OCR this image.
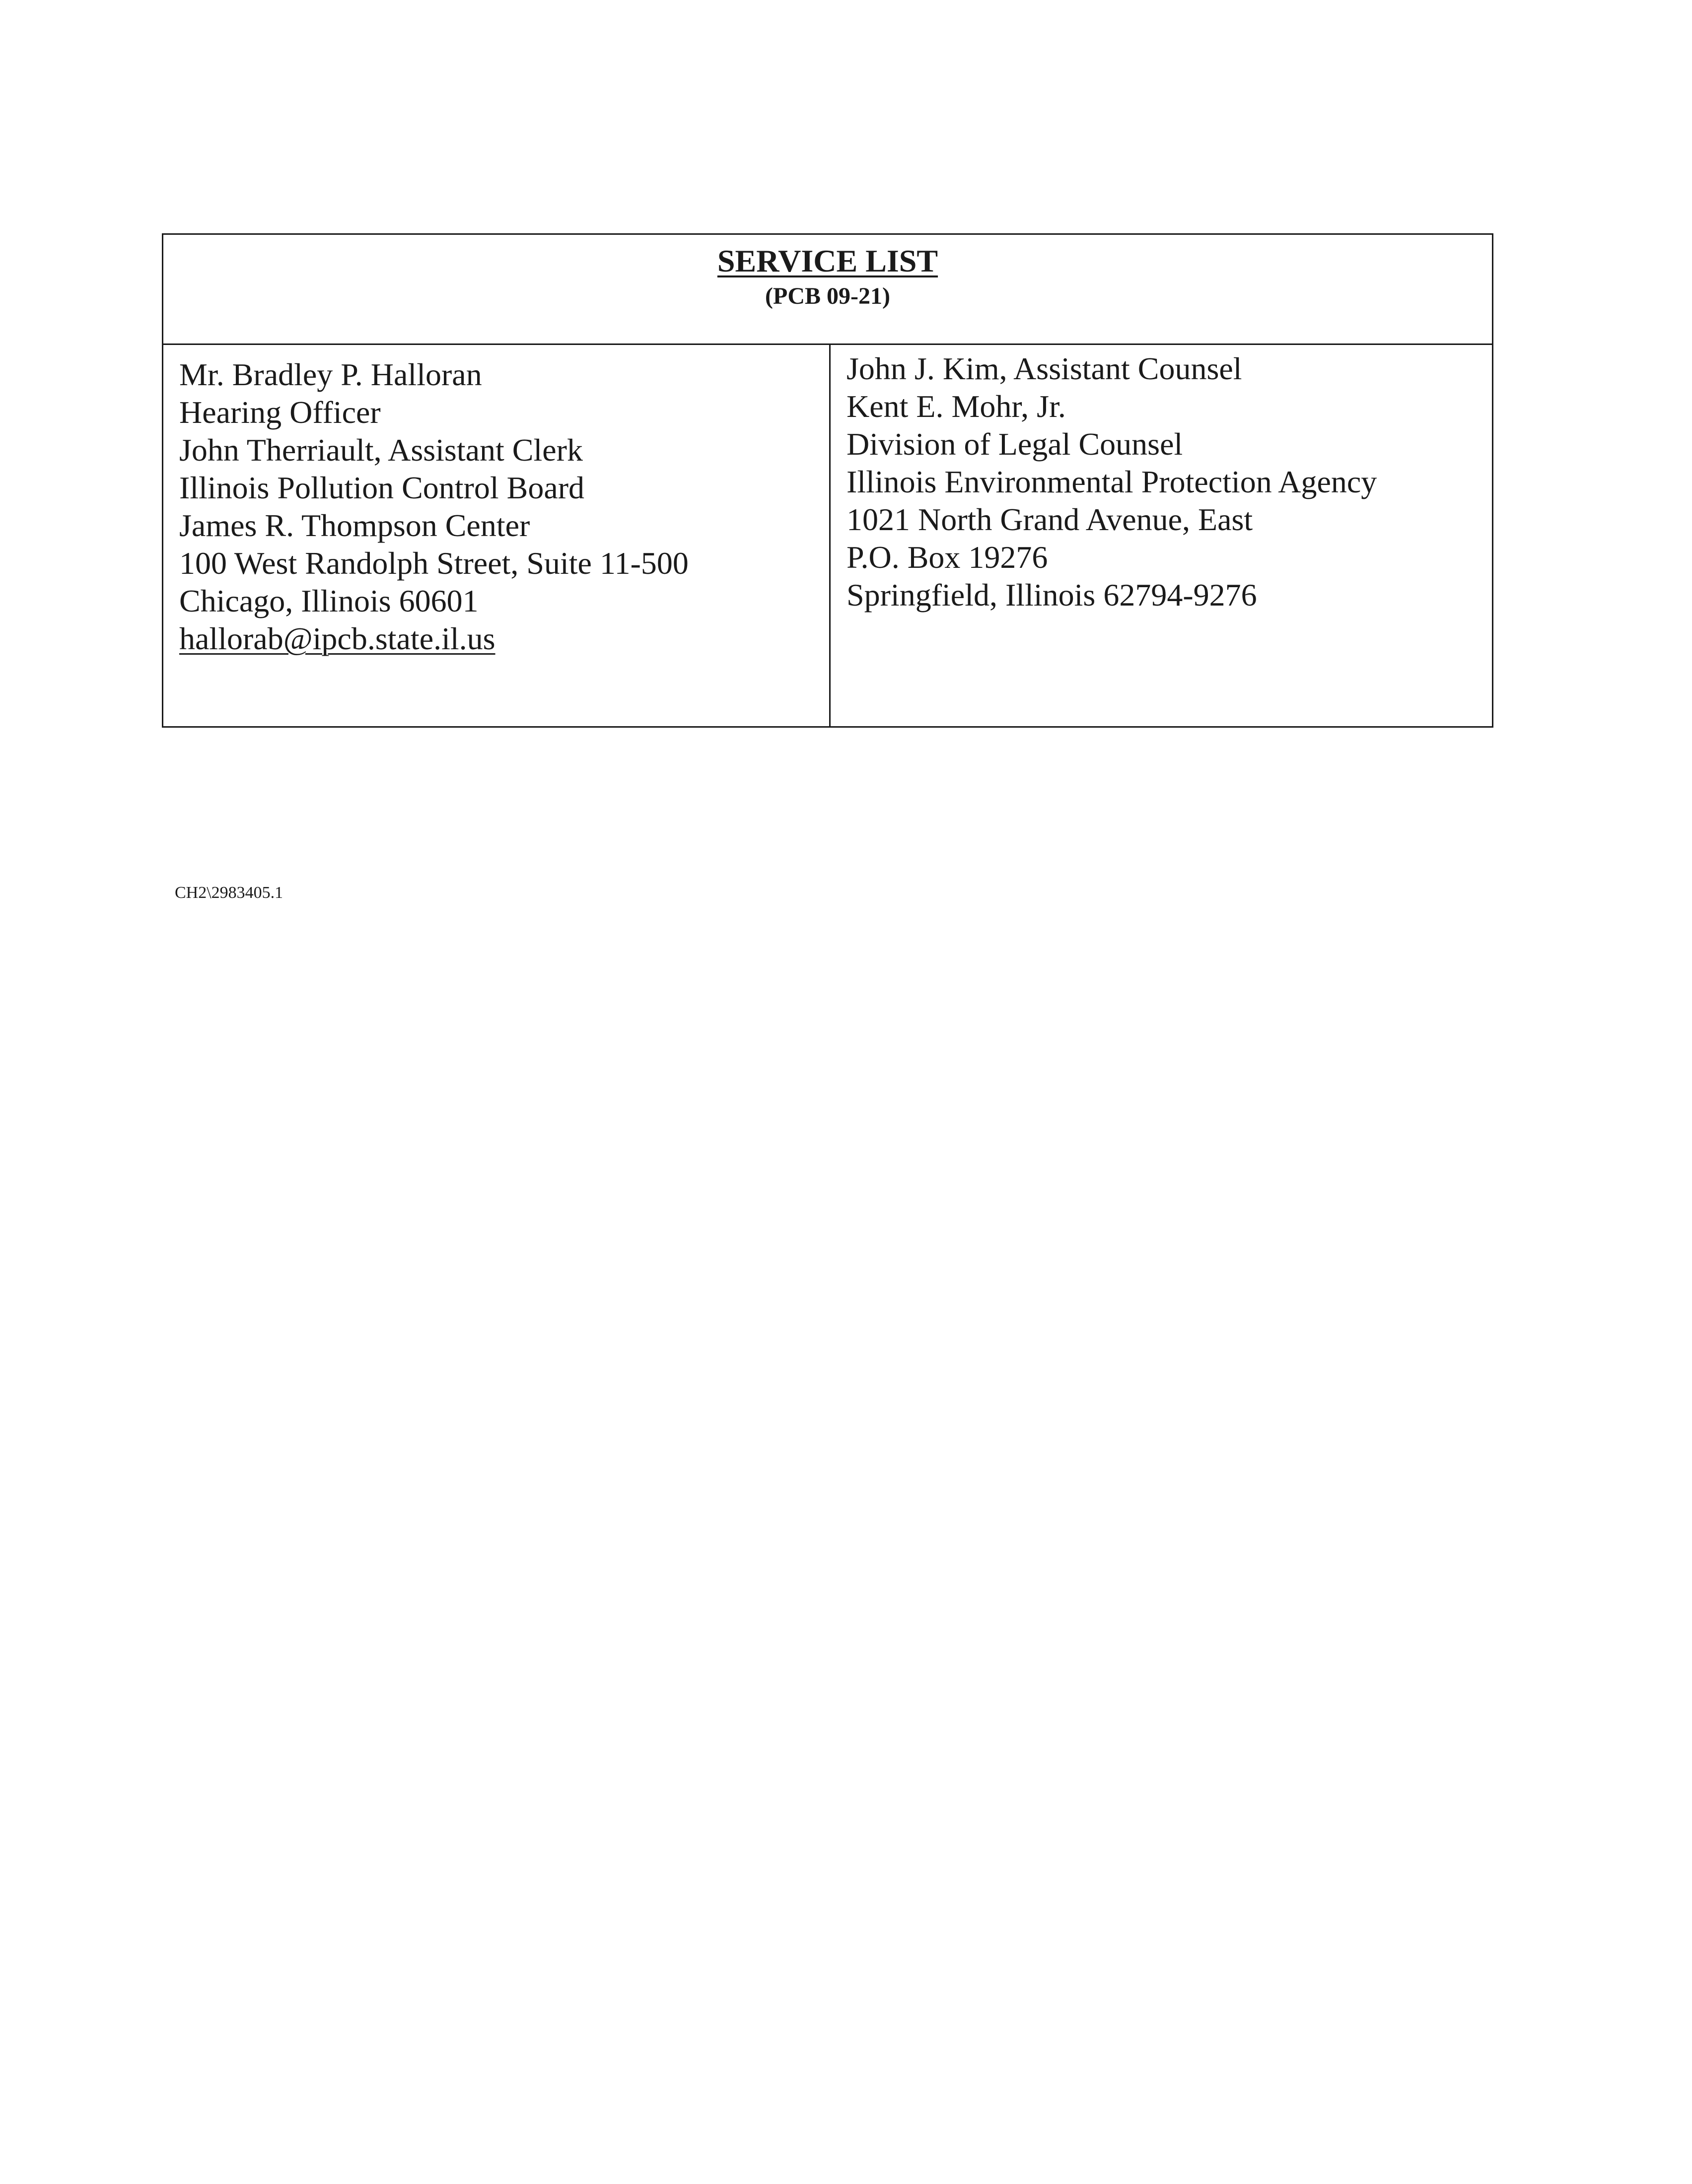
SERVICE LIST
(PCB 09-21)
Mr. Bradley P. Halloran
Hearing Officer
John Therriault, Assistant Clerk
Illinois Pollution Control Board
James R. Thompson Center
100 West Randolph Street, Suite 11-500
Chicago, Illinois 60601
hallorab@ipcb.state.il.us
John J. Kim, Assistant Counsel
Kent E. Mohr, Jr.
Division of Legal Counsel
Illinois Environmental Protection Agency
1021 North Grand Avenue, East
P.O. Box 19276
Springfield, Illinois 62794-9276
CH2\2983405.1
